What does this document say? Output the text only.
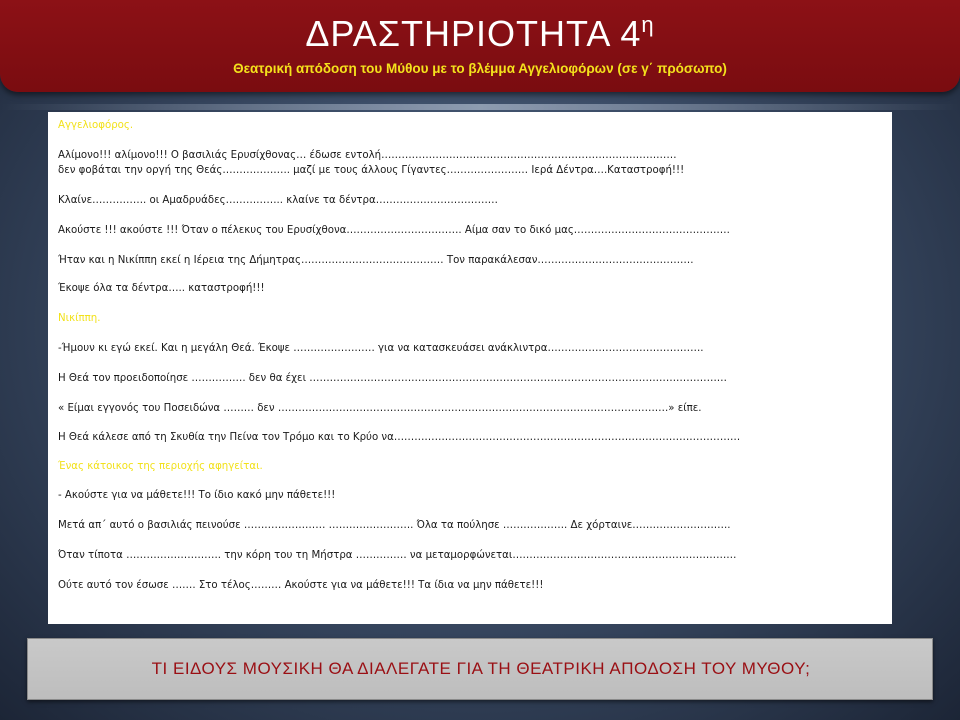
ΔΡΑΣΤΗΡΙΟΤΗΤΑ $4^\eta$
Θεατρική απόδοση του Μύθου με το βλέμμα Αγγελιοφόρων (σε γ΄ πρόσωπο)
Αγγελιοφόρος.
Αλίμονο!!! αλίμονο!!! Ο βασιλιάς Ερυσίχθονας… έδωσε εντολή……………………………………………………………………………
δεν φοβάται την οργή της Θεάς……………….. μαζί με τους άλλους Γίγαντες…………………… Ιερά Δέντρα….Καταστροφή!!!
Κλαίνε……………. οι Αμαδρυάδες…………….. κλαίνε τα δέντρα………………………………
Ακούστε !!! ακούστε !!! Όταν ο πέλεκυς του Ερυσίχθονα……………………………. Αίμα σαν το δικό μας……………………………………….
Ήταν και η Νικίππη εκεί η Ιέρεια της Δήμητρας…………………………………… Τον παρακάλεσαν……………………………………….
Έκοψε όλα τα δέντρα….. καταστροφή!!!
Νικίππη.
-Ήμουν κι εγώ εκεί. Και η μεγάλη Θεά. Έκοψε …………………… για να κατασκευάσει ανάκλιντρα……………………………………….
Η Θεά τον προειδοποίησε ……………. δεν θα έχει ……………………………………………………………………………………………………………
« Είμαι εγγονός του Ποσειδώνα ……… δεν …………………………………………………………………………………………………….» είπε.
Η Θεά κάλεσε από τη Σκυθία την Πείνα τον Τρόμο και το Κρύο να…………………………………………………………………………………………
Ένας κάτοικος της περιοχής αφηγείται.
- Ακούστε για να μάθετε!!! Το ίδιο κακό μην πάθετε!!!
Μετά απ΄ αυτό ο βασιλιάς πεινούσε …………………… ……………………. Όλα τα πούλησε ………………. Δε χόρταινε………………………..
Όταν τίποτα ………………………. την κόρη του τη Μήστρα …………… να μεταμορφώνεται…………………………………………………………
Ούτε αυτό τον έσωσε ……. Στο τέλος……… Ακούστε για να μάθετε!!! Τα ίδια να μην πάθετε!!!
ΤΙ ΕΙΔΟΥΣ ΜΟΥΣΙΚΗ ΘΑ ΔΙΑΛΕΓΑΤΕ ΓΙΑ ΤΗ ΘΕΑΤΡΙΚΗ ΑΠΟΔΟΣΗ ΤΟΥ ΜΥΘΟΥ;
